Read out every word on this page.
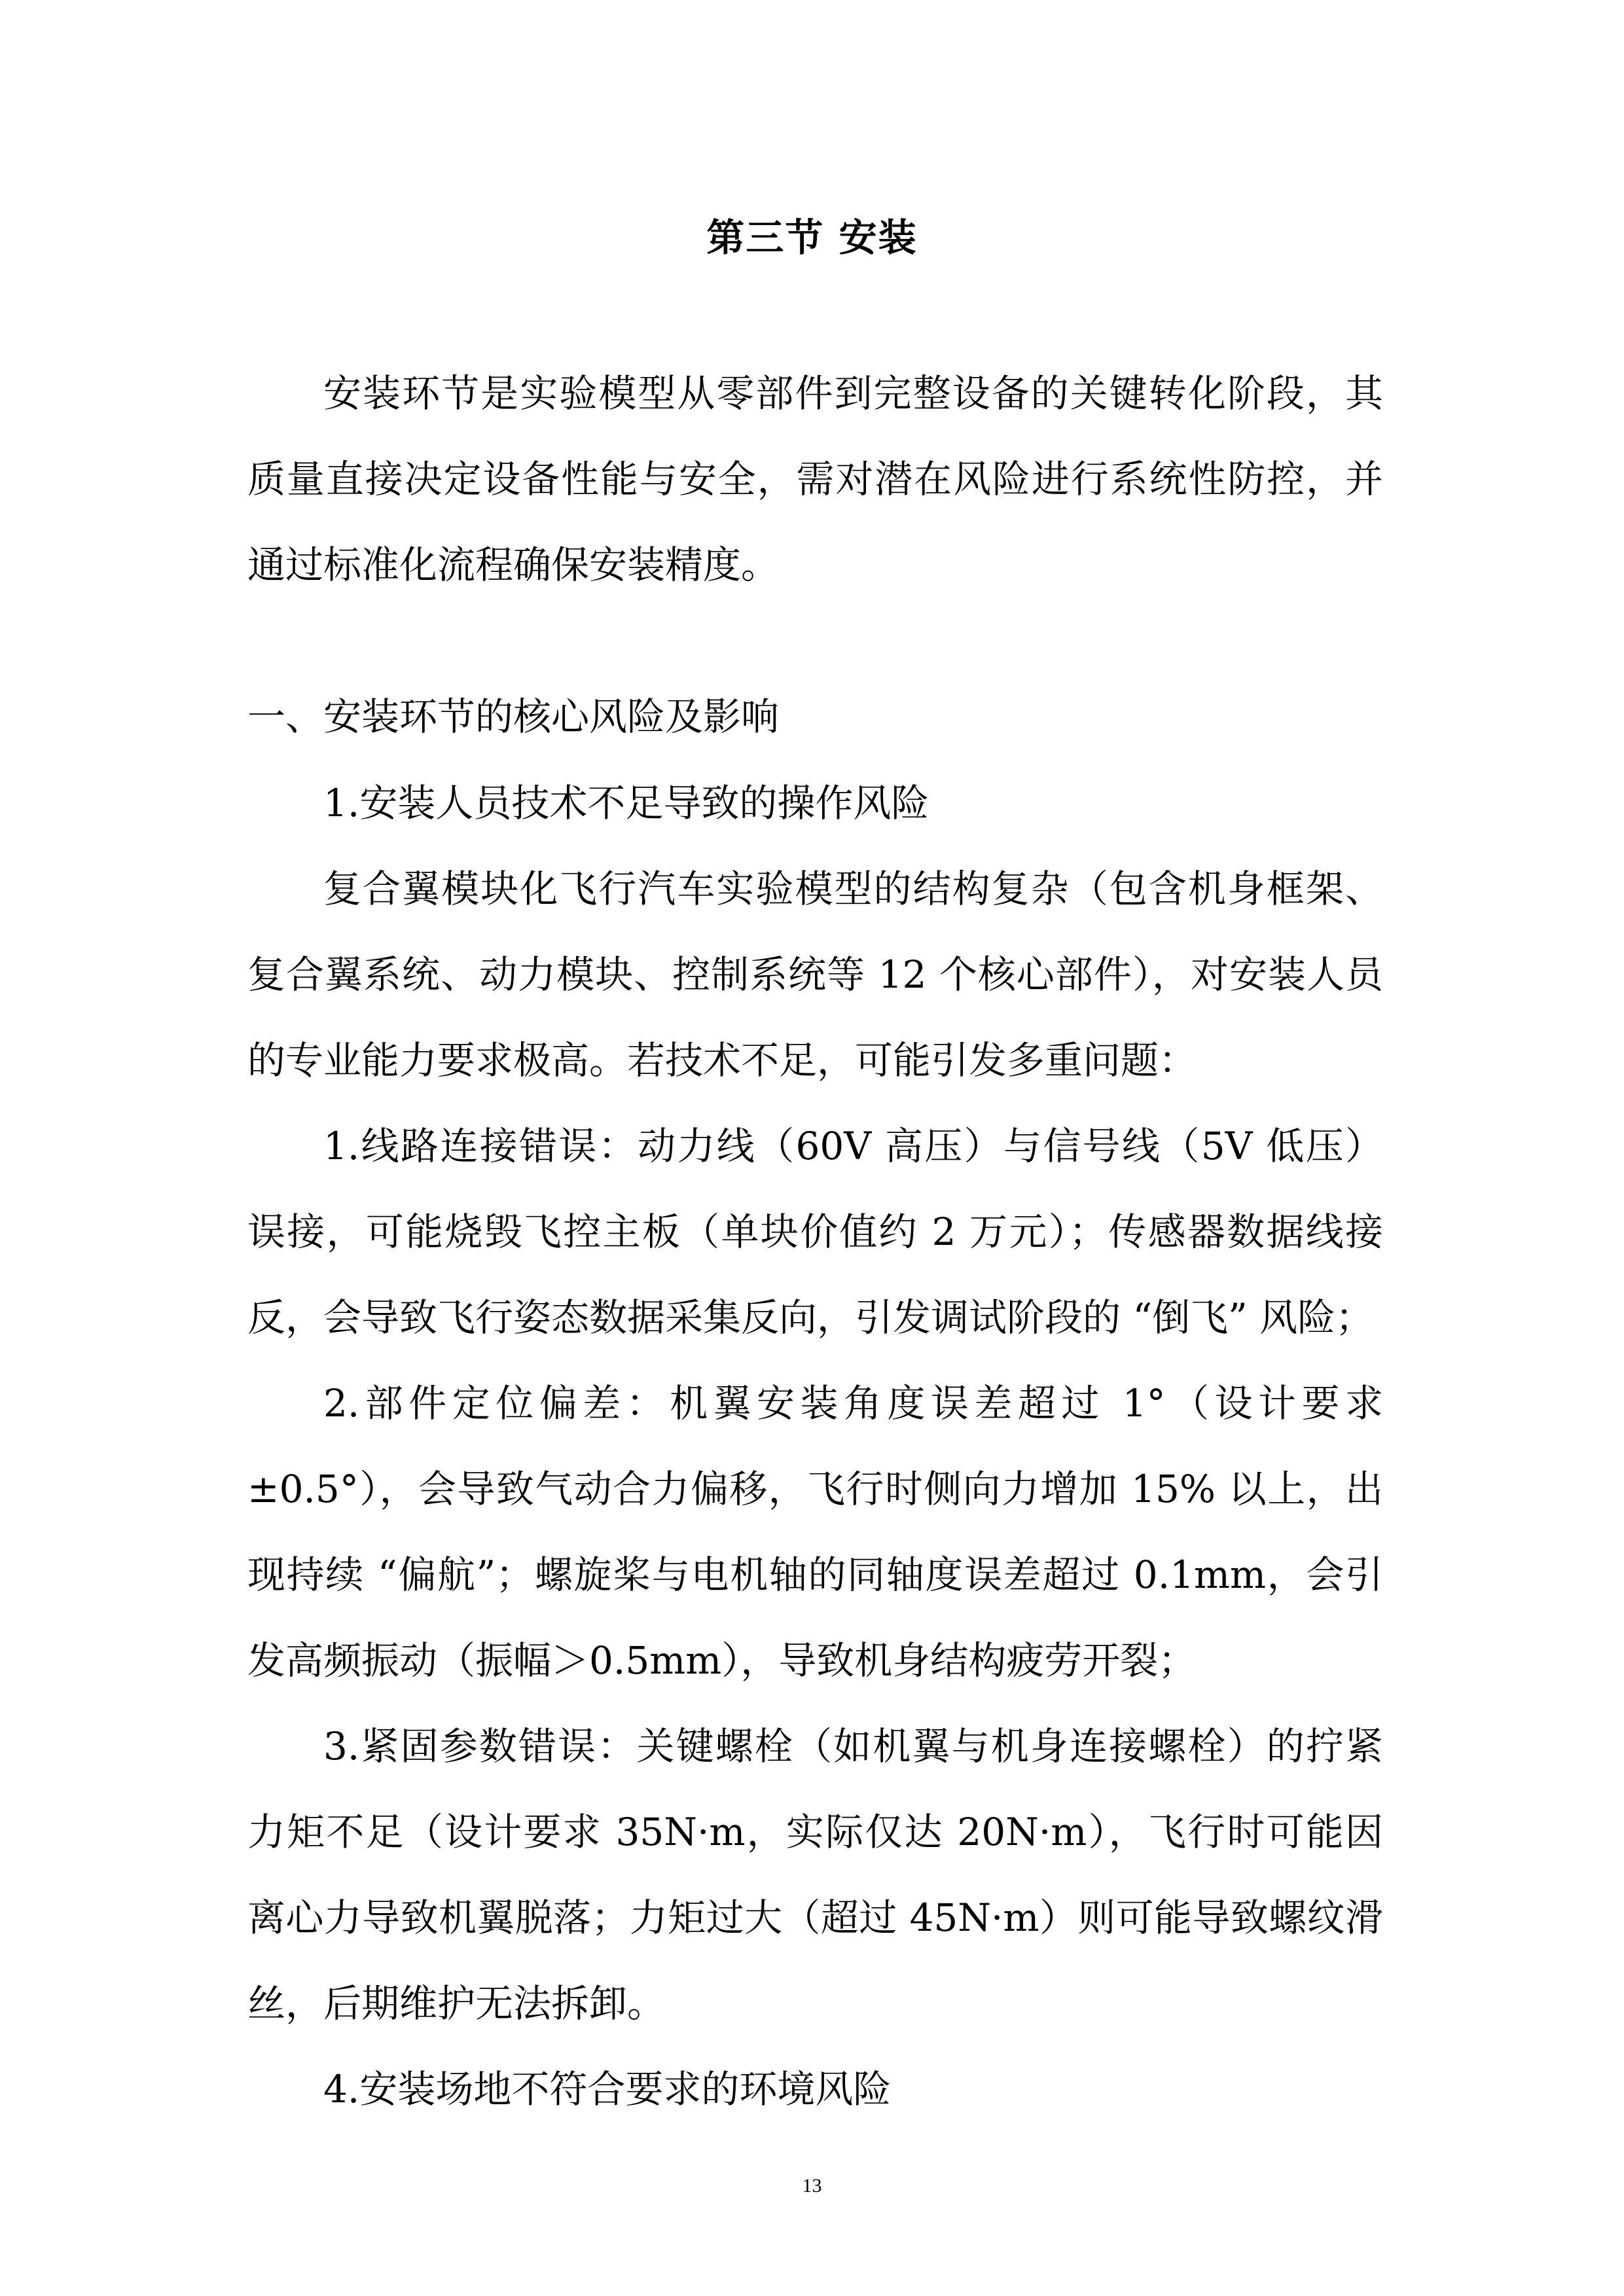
第三节 安装

安装环节是实验模型从零部件到完整设备的关键转化阶段，其质量直接决定设备性能与安全，需对潜在风险进行系统性防控，并通过标准化流程确保安装精度。

一、安装环节的核心风险及影响
1.安装人员技术不足导致的操作风险
复合翼模块化飞行汽车实验模型的结构复杂（包含机身框架、复合翼系统、动力模块、控制系统等 12 个核心部件），对安装人员的专业能力要求极高。若技术不足，可能引发多重问题：
1.线路连接错误：动力线（60V 高压）与信号线（5V 低压）误接，可能烧毁飞控主板（单块价值约 2 万元）；传感器数据线接反，会导致飞行姿态数据采集反向，引发调试阶段的 “倒飞” 风险；
2.部件定位偏差：机翼安装角度误差超过 1°（设计要求 ±0.5°），会导致气动合力偏移，飞行时侧向力增加 15% 以上，出现持续 “偏航”；螺旋桨与电机轴的同轴度误差超过 0.1mm，会引发高频振动（振幅＞0.5mm），导致机身结构疲劳开裂；
3.紧固参数错误：关键螺栓（如机翼与机身连接螺栓）的拧紧力矩不足（设计要求 35N·m，实际仅达 20N·m），飞行时可能因离心力导致机翼脱落；力矩过大（超过 45N·m）则可能导致螺纹滑丝，后期维护无法拆卸。
4.安装场地不符合要求的环境风险
13
